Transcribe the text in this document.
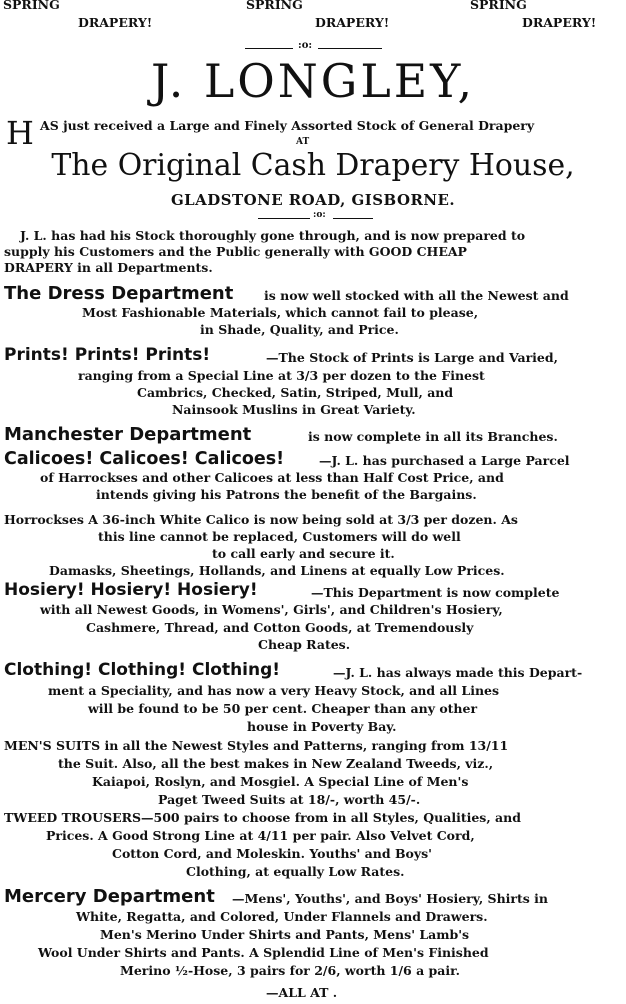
SPRING	SPRING	SPRING
DRAPERY!	DRAPERY!	DRAPERY!
:o:
J. LONGLEY,
H AS just received a Large and Finely Assorted Stock of General Drapery
AT
The Original Cash Drapery House,
GLADSTONE ROAD, GISBORNE.
:o:
J. L. has had his Stock thoroughly gone through, and is now prepared to
supply his Customers and the Public generally with GOOD CHEAP
DRAPERY in all Departments.
The Dress Department is now well stocked with all the Newest and
Most Fashionable Materials, which cannot fail to please,
in Shade, Quality, and Price.
Prints! Prints! Prints!	—The Stock of Prints is Large and Varied,
ranging from a Special Line at 3/3 per dozen to the Finest
Cambrics, Checked, Satin, Striped, Mull, and
Nainsook Muslins in Great Variety.
Manchester Department	is now complete in all its Branches.
Calicoes! Calicoes! Calicoes!	—J. L. has purchased a Large Parcel
of Harrockses and other Calicoes at less than Half Cost Price, and
intends giving his Patrons the benefit of the Bargains.
Horrockses A 36-inch White Calico is now being sold at 3/3 per dozen. As
this line cannot be replaced, Customers will do well
to call early and secure it.
Damasks, Sheetings, Hollands, and Linens at equally Low Prices.
Hosiery! Hosiery! Hosiery!	—This Department is now complete
with all Newest Goods, in Womens', Girls', and Children's Hosiery,
Cashmere, Thread, and Cotton Goods, at Tremendously
Cheap Rates.
Clothing! Clothing! Clothing!	—J. L. has always made this Depart-
ment a Speciality, and has now a very Heavy Stock, and all Lines
will be found to be 50 per cent. Cheaper than any other
house in Poverty Bay.
MEN'S SUITS in all the Newest Styles and Patterns, ranging from 13/11
the Suit. Also, all the best makes in New Zealand Tweeds, viz.,
Kaiapoi, Roslyn, and Mosgiel. A Special Line of Men's
Paget Tweed Suits at 18/-, worth 45/-.
TWEED TROUSERS—500 pairs to choose from in all Styles, Qualities, and
Prices. A Good Strong Line at 4/11 per pair. Also Velvet Cord,
Cotton Cord, and Moleskin. Youths' and Boys'
Clothing, at equally Low Rates.
Mercery Department —Mens', Youths', and Boys' Hosiery, Shirts in
White, Regatta, and Colored, Under Flannels and Drawers.
Men's Merino Under Shirts and Pants, Mens' Lamb's
Wool Under Shirts and Pants. A Splendid Line of Men's Finished
Merino ½-Hose, 3 pairs for 2/6, worth 1/6 a pair.
—ALL AT .
